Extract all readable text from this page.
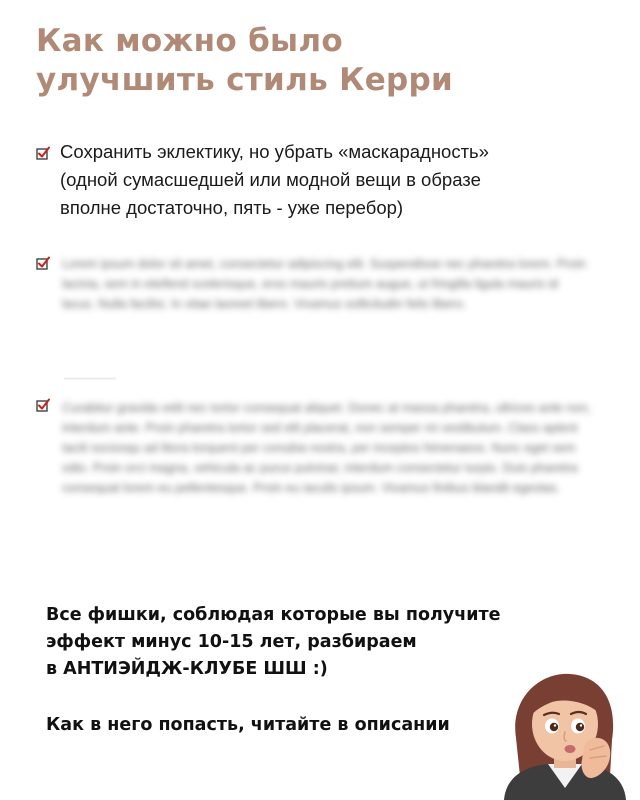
Как можно было
улучшить стиль Керри

Сохранить эклектику, но убрать «маскарадность»
(одной сумасшедшей или модной вещи в образе
вполне достаточно, пять - уже перебор)

Lorem ipsum dolor sit amet, consectetur adipiscing elit. Suspendisse nec pharetra lorem. Proin lacinia, sem in eleifend scelerisque, eros mauris pretium augue, ut fringilla ligula mauris id lacus. Nulla facilisi. In vitae laoreet libero. Vivamus sollicitudin felis libero.

Curabitur gravida velit nec tortor consequat aliquet. Donec at massa pharetra, ultrices ante non, interdum ante. Proin pharetra tortor sed elit placerat, non semper mi vestibulum. Class aptent taciti sociosqu ad litora torquent per conubia nostra, per inceptos himenaeos. Nunc eget sem odio. Proin orci magna, vehicula ac purus pulvinar, interdum consectetur turpis. Duis pharetra consequat lorem eu pellentesque. Proin eu iaculis ipsum. Vivamus finibus blandit egestas.

Все фишки, соблюдая которые вы получите
эффект минус 10-15 лет, разбираем
в АНТИЭЙДЖ-КЛУБЕ ШШ :)

Как в него попасть, читайте в описании
